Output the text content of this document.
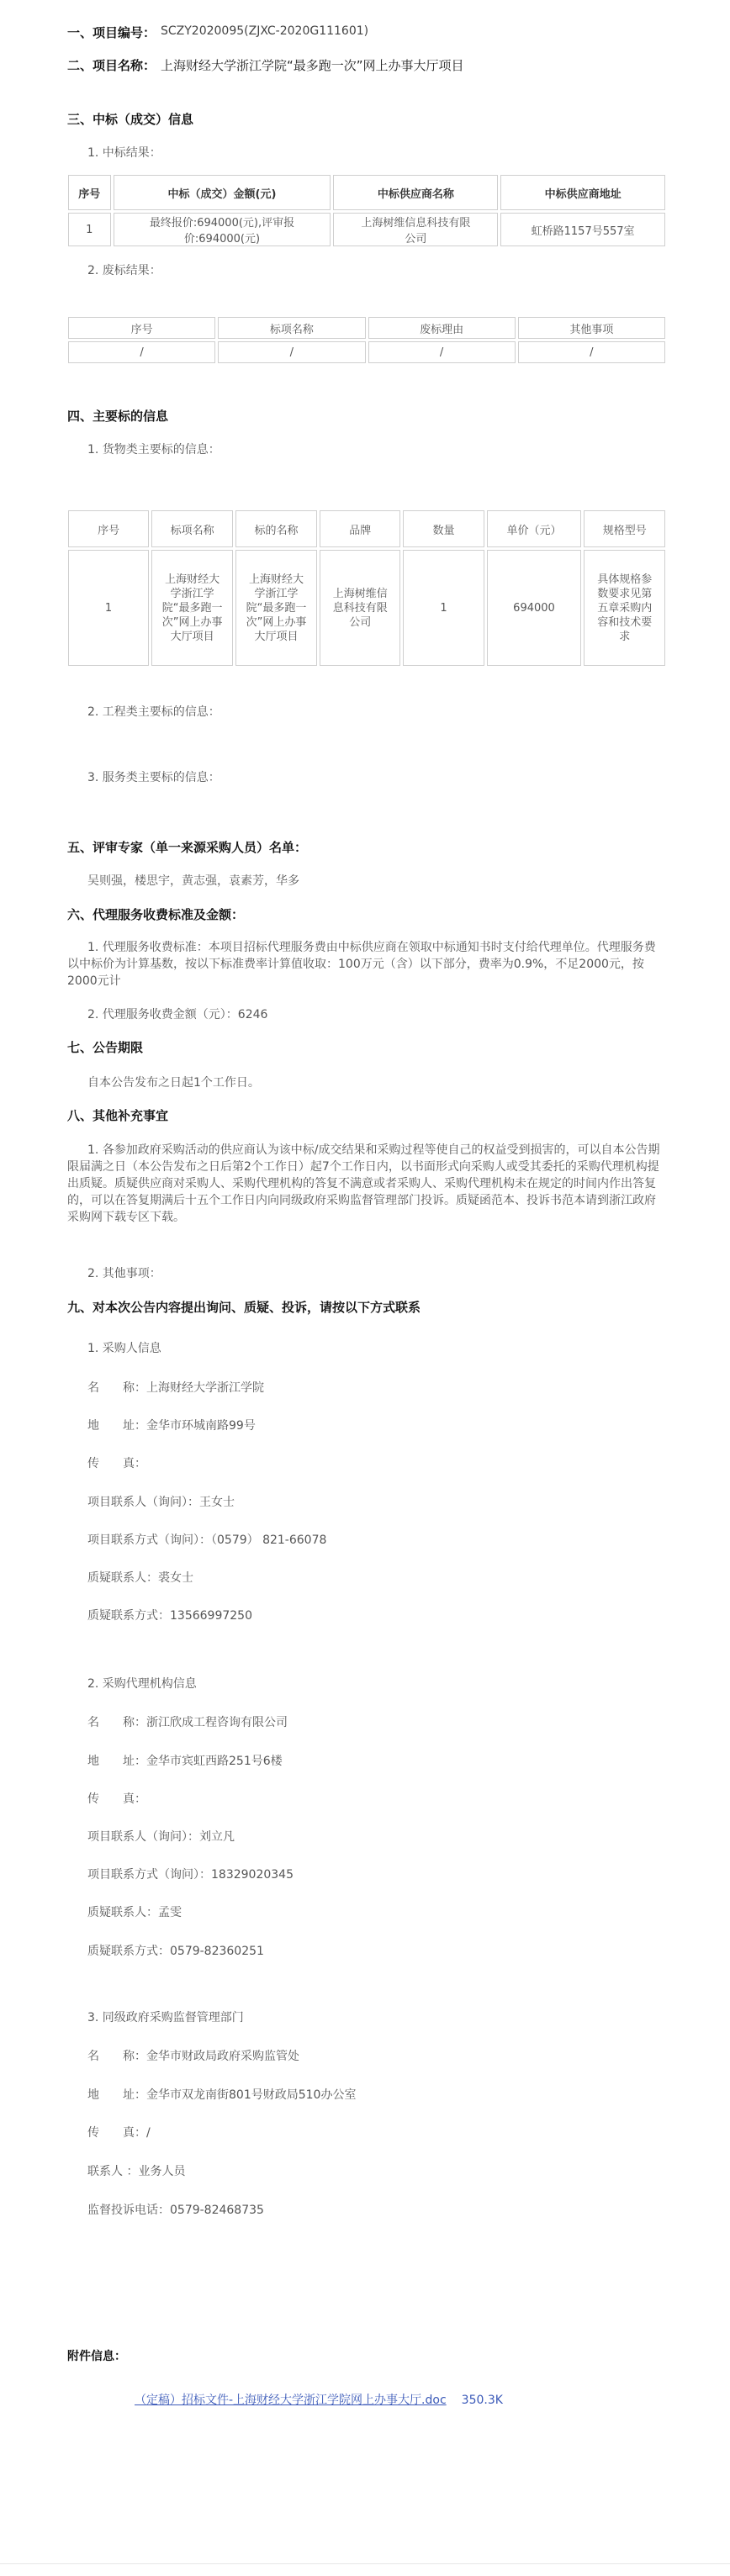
一、项目编号： SCZY2020095(ZJXC-2020G111601)
二、项目名称： 上海财经大学浙江学院“最多跑一次”网上办事大厅项目
三、中标（成交）信息
1. 中标结果：
序号	中标（成交）金额(元)	中标供应商名称	中标供应商地址
1	最终报价:694000(元),评审报价:694000(元)	上海树维信息科技有限公司	虹桥路1157号557室
2. 废标结果：
序号	标项名称	废标理由	其他事项
/	/	/	/
四、主要标的信息
1. 货物类主要标的信息：
序号	标项名称	标的名称	品牌	数量	单价（元）	规格型号
1	上海财经大学浙江学院“最多跑一次”网上办事大厅项目	上海财经大学浙江学院“最多跑一次”网上办事大厅项目	上海树维信息科技有限公司	1	694000	具体规格参数要求见第五章采购内容和技术要求
2. 工程类主要标的信息：
3. 服务类主要标的信息：
五、评审专家（单一来源采购人员）名单：
吴则强，楼思宇，黄志强，袁素芳，华多
六、代理服务收费标准及金额：
1. 代理服务收费标准：本项目招标代理服务费由中标供应商在领取中标通知书时支付给代理单位。代理服务费以中标价为计算基数，按以下标准费率计算值收取：100万元（含）以下部分，费率为0.9%，不足2000元，按2000元计
2. 代理服务收费金额（元）：6246
七、公告期限
自本公告发布之日起1个工作日。
八、其他补充事宜
1. 各参加政府采购活动的供应商认为该中标/成交结果和采购过程等使自己的权益受到损害的，可以自本公告期限届满之日（本公告发布之日后第2个工作日）起7个工作日内，以书面形式向采购人或受其委托的采购代理机构提出质疑。质疑供应商对采购人、采购代理机构的答复不满意或者采购人、采购代理机构未在规定的时间内作出答复的，可以在答复期满后十五个工作日内向同级政府采购监督管理部门投诉。质疑函范本、投诉书范本请到浙江政府采购网下载专区下载。
2. 其他事项：
九、对本次公告内容提出询问、质疑、投诉，请按以下方式联系
1. 采购人信息
名　　称：上海财经大学浙江学院
地　　址：金华市环城南路99号
传　　真：
项目联系人（询问）：王女士
项目联系方式（询问）：（0579） 821-66078
质疑联系人：裘女士
质疑联系方式：13566997250
2. 采购代理机构信息
名　　称：浙江欣成工程咨询有限公司
地　　址：金华市宾虹西路251号6楼
传　　真：
项目联系人（询问）：刘立凡
项目联系方式（询问）：18329020345
质疑联系人：孟雯
质疑联系方式：0579-82360251
3. 同级政府采购监督管理部门
名　　称：金华市财政局政府采购监管处
地　　址：金华市双龙南街801号财政局510办公室
传　　真：/
联系人 ：业务人员
监督投诉电话：0579-82468735
附件信息：
（定稿）招标文件-上海财经大学浙江学院网上办事大厅.doc 350.3K
